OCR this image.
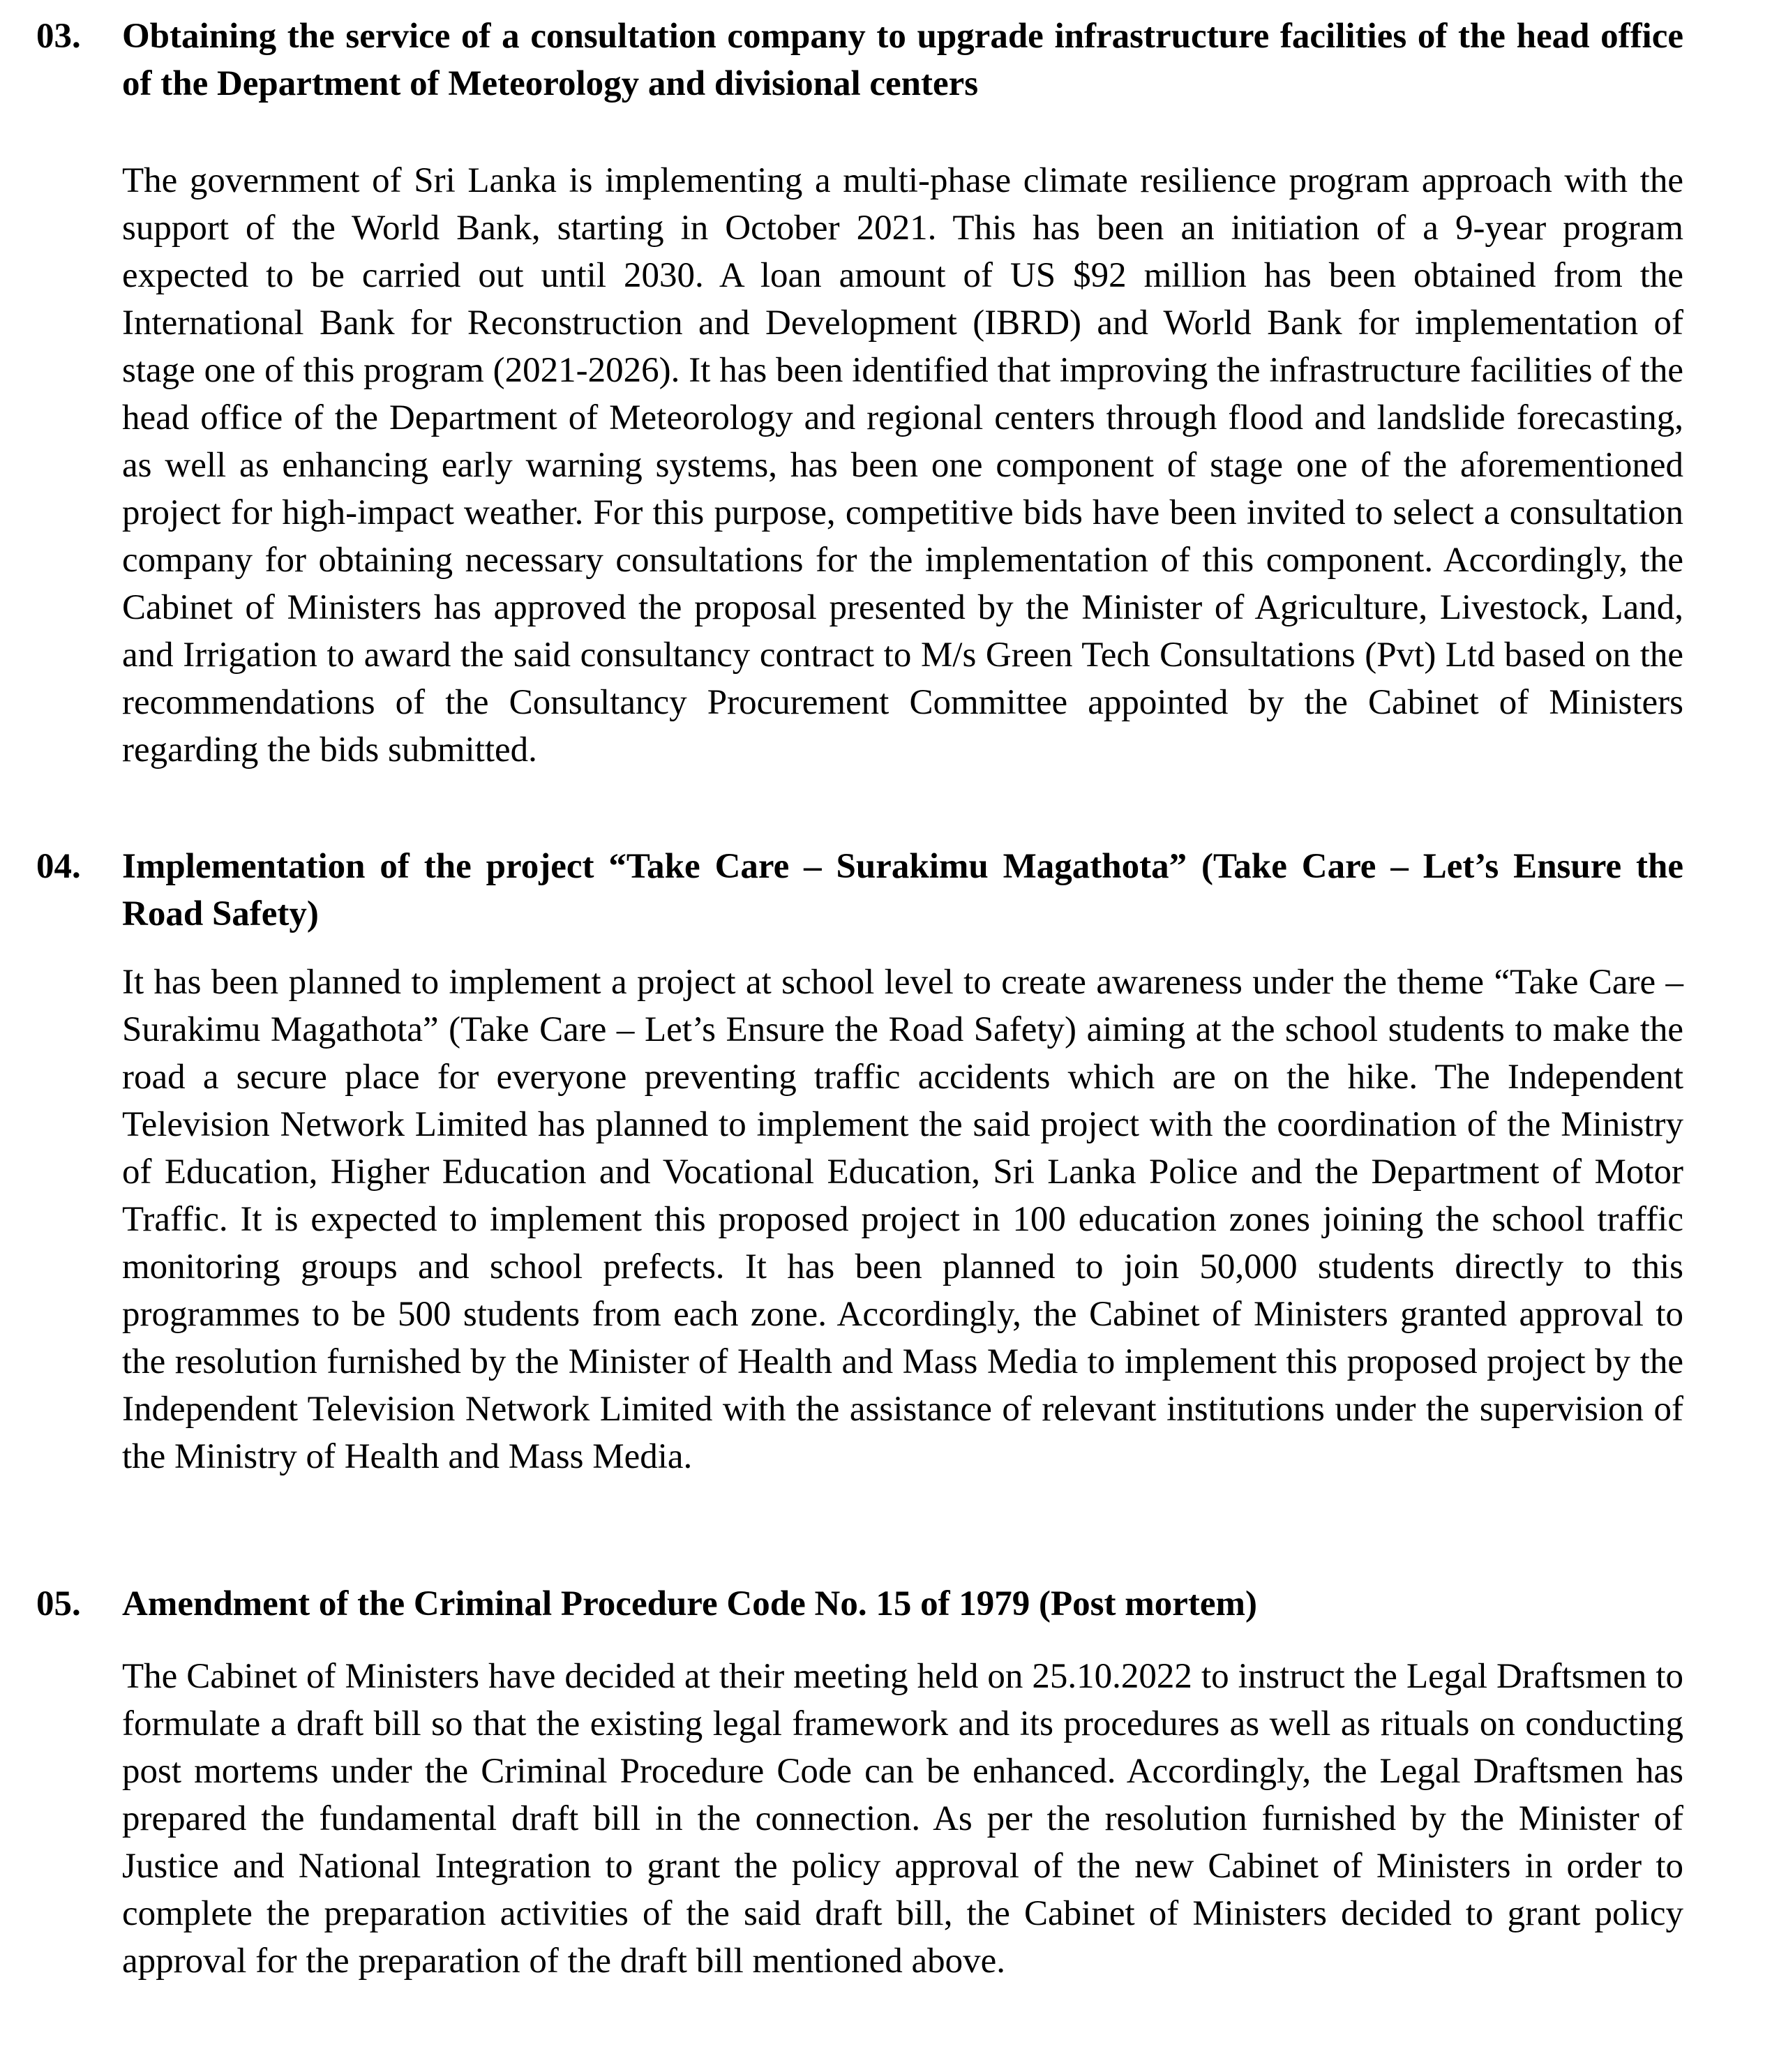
03. Obtaining the service of a consultation company to upgrade infrastructure facilities of the head office of the Department of Meteorology and divisional centers

The government of Sri Lanka is implementing a multi-phase climate resilience program approach with the support of the World Bank, starting in October 2021. This has been an initiation of a 9-year program expected to be carried out until 2030. A loan amount of US $92 million has been obtained from the International Bank for Reconstruction and Development (IBRD) and World Bank for implementation of stage one of this program (2021-2026). It has been identified that improving the infrastructure facilities of the head office of the Department of Meteorology and regional centers through flood and landslide forecasting, as well as enhancing early warning systems, has been one component of stage one of the aforementioned project for high-impact weather. For this purpose, competitive bids have been invited to select a consultation company for obtaining necessary consultations for the implementation of this component. Accordingly, the Cabinet of Ministers has approved the proposal presented by the Minister of Agriculture, Livestock, Land, and Irrigation to award the said consultancy contract to M/s Green Tech Consultations (Pvt) Ltd based on the recommendations of the Consultancy Procurement Committee appointed by the Cabinet of Ministers regarding the bids submitted.

04. Implementation of the project “Take Care – Surakimu Magathota” (Take Care – Let’s Ensure the Road Safety)

It has been planned to implement a project at school level to create awareness under the theme “Take Care – Surakimu Magathota” (Take Care – Let’s Ensure the Road Safety) aiming at the school students to make the road a secure place for everyone preventing traffic accidents which are on the hike. The Independent Television Network Limited has planned to implement the said project with the coordination of the Ministry of Education, Higher Education and Vocational Education, Sri Lanka Police and the Department of Motor Traffic. It is expected to implement this proposed project in 100 education zones joining the school traffic monitoring groups and school prefects. It has been planned to join 50,000 students directly to this programmes to be 500 students from each zone. Accordingly, the Cabinet of Ministers granted approval to the resolution furnished by the Minister of Health and Mass Media to implement this proposed project by the Independent Television Network Limited with the assistance of relevant institutions under the supervision of the Ministry of Health and Mass Media.

05. Amendment of the Criminal Procedure Code No. 15 of 1979 (Post mortem)

The Cabinet of Ministers have decided at their meeting held on 25.10.2022 to instruct the Legal Draftsmen to formulate a draft bill so that the existing legal framework and its procedures as well as rituals on conducting post mortems under the Criminal Procedure Code can be enhanced. Accordingly, the Legal Draftsmen has prepared the fundamental draft bill in the connection. As per the resolution furnished by the Minister of Justice and National Integration to grant the policy approval of the new Cabinet of Ministers in order to complete the preparation activities of the said draft bill, the Cabinet of Ministers decided to grant policy approval for the preparation of the draft bill mentioned above.
